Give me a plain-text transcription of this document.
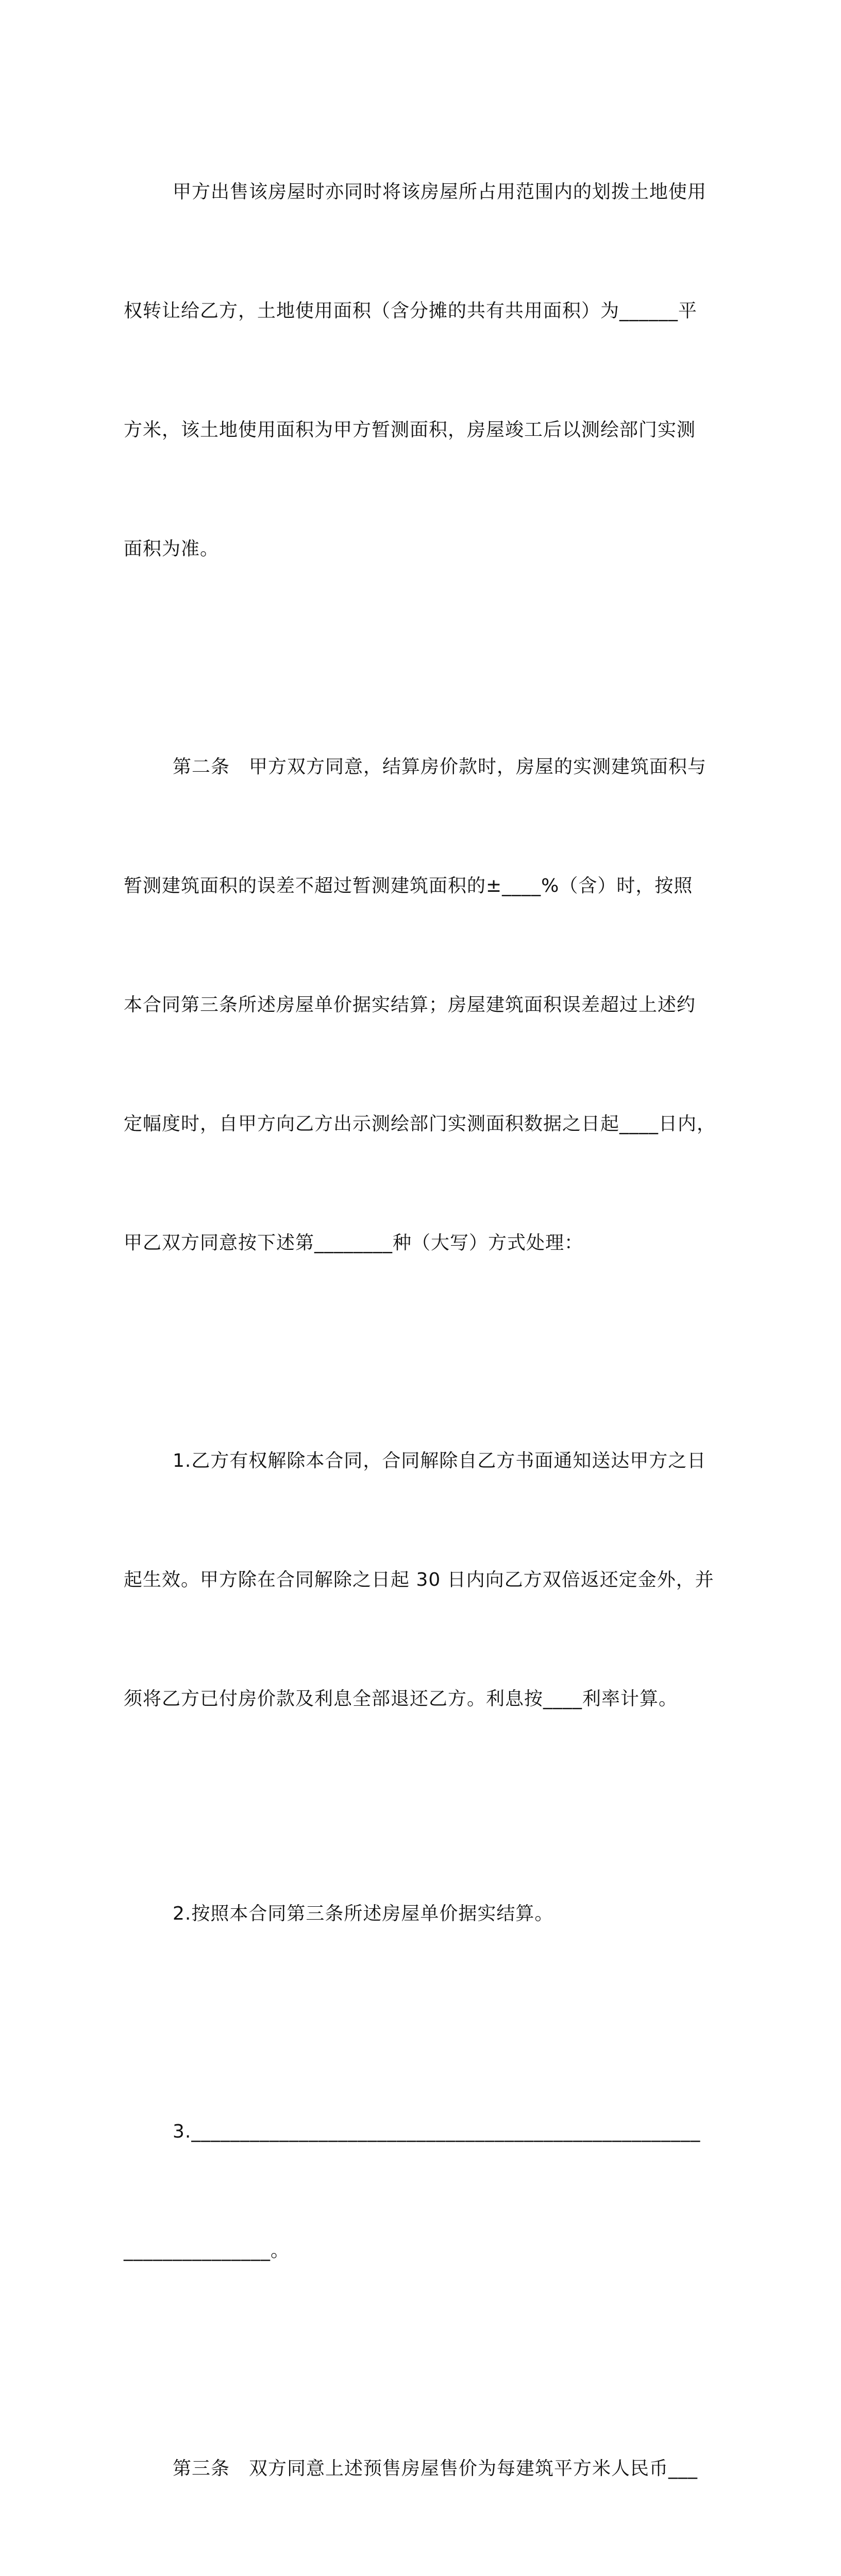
甲方出售该房屋时亦同时将该房屋所占用范围内的划拨土地使用

权转让给乙方，土地使用面积（含分摊的共有共用面积）为______平

方米，该土地使用面积为甲方暂测面积，房屋竣工后以测绘部门实测

面积为准。

第二条　甲方双方同意，结算房价款时，房屋的实测建筑面积与

暂测建筑面积的误差不超过暂测建筑面积的±____%（含）时，按照

本合同第三条所述房屋单价据实结算；房屋建筑面积误差超过上述约

定幅度时，自甲方向乙方出示测绘部门实测面积数据之日起____日内，

甲乙双方同意按下述第________种（大写）方式处理：

1.乙方有权解除本合同，合同解除自乙方书面通知送达甲方之日

起生效。甲方除在合同解除之日起 30 日内向乙方双倍返还定金外，并

须将乙方已付房价款及利息全部退还乙方。利息按____利率计算。

2.按照本合同第三条所述房屋单价据实结算。

3.____________________________________________________

_______________。

第三条　双方同意上述预售房屋售价为每建筑平方米人民币___
